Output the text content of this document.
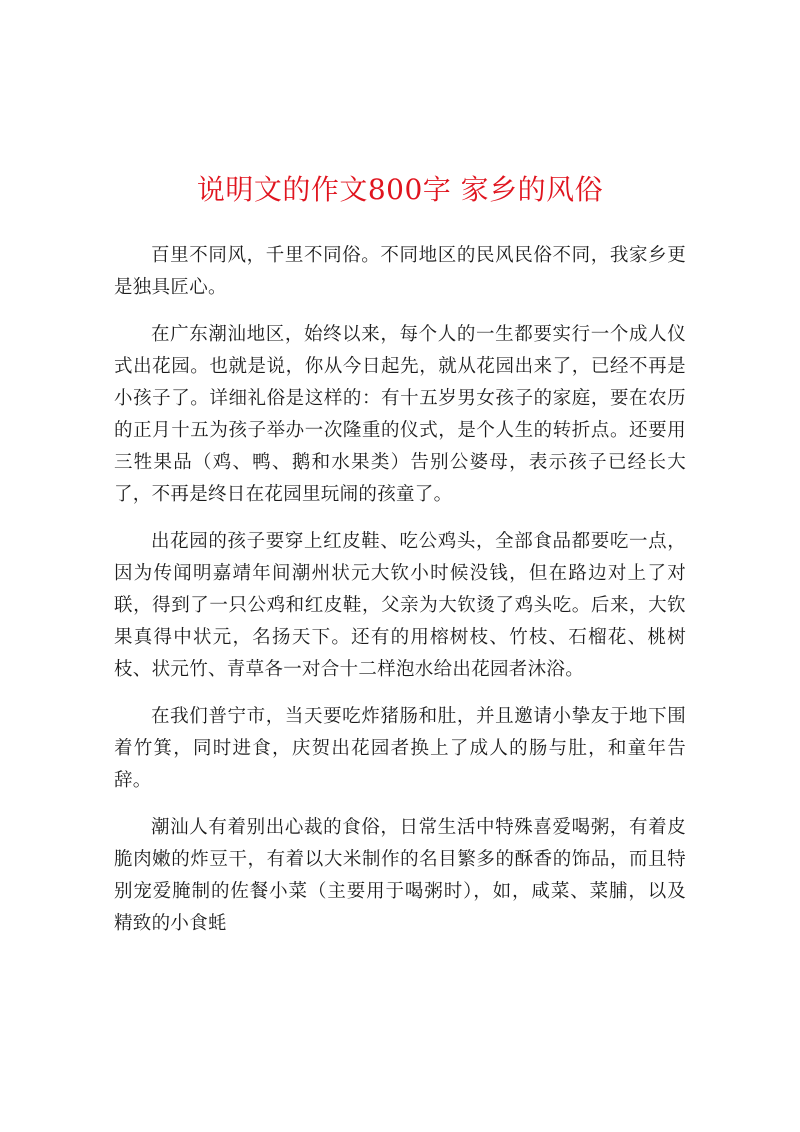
说明文的作文800字 家乡的风俗

百里不同风，千里不同俗。不同地区的民风民俗不同，我家乡更是独具匠心。

在广东潮汕地区，始终以来，每个人的一生都要实行一个成人仪式出花园。也就是说，你从今日起先，就从花园出来了，已经不再是小孩子了。详细礼俗是这样的：有十五岁男女孩子的家庭，要在农历的正月十五为孩子举办一次隆重的仪式，是个人生的转折点。还要用三牲果品（鸡、鸭、鹅和水果类）告别公婆母，表示孩子已经长大了，不再是终日在花园里玩闹的孩童了。

出花园的孩子要穿上红皮鞋、吃公鸡头，全部食品都要吃一点，因为传闻明嘉靖年间潮州状元大钦小时候没钱，但在路边对上了对联，得到了一只公鸡和红皮鞋，父亲为大钦烫了鸡头吃。后来，大钦果真得中状元，名扬天下。还有的用榕树枝、竹枝、石榴花、桃树枝、状元竹、青草各一对合十二样泡水给出花园者沐浴。

在我们普宁市，当天要吃炸猪肠和肚，并且邀请小挚友于地下围着竹箕，同时进食，庆贺出花园者换上了成人的肠与肚，和童年告辞。

潮汕人有着别出心裁的食俗，日常生活中特殊喜爱喝粥，有着皮脆肉嫩的炸豆干，有着以大米制作的名目繁多的酥香的饰品，而且特别宠爱腌制的佐餐小菜（主要用于喝粥时），如，咸菜、菜脯，以及精致的小食蚝
